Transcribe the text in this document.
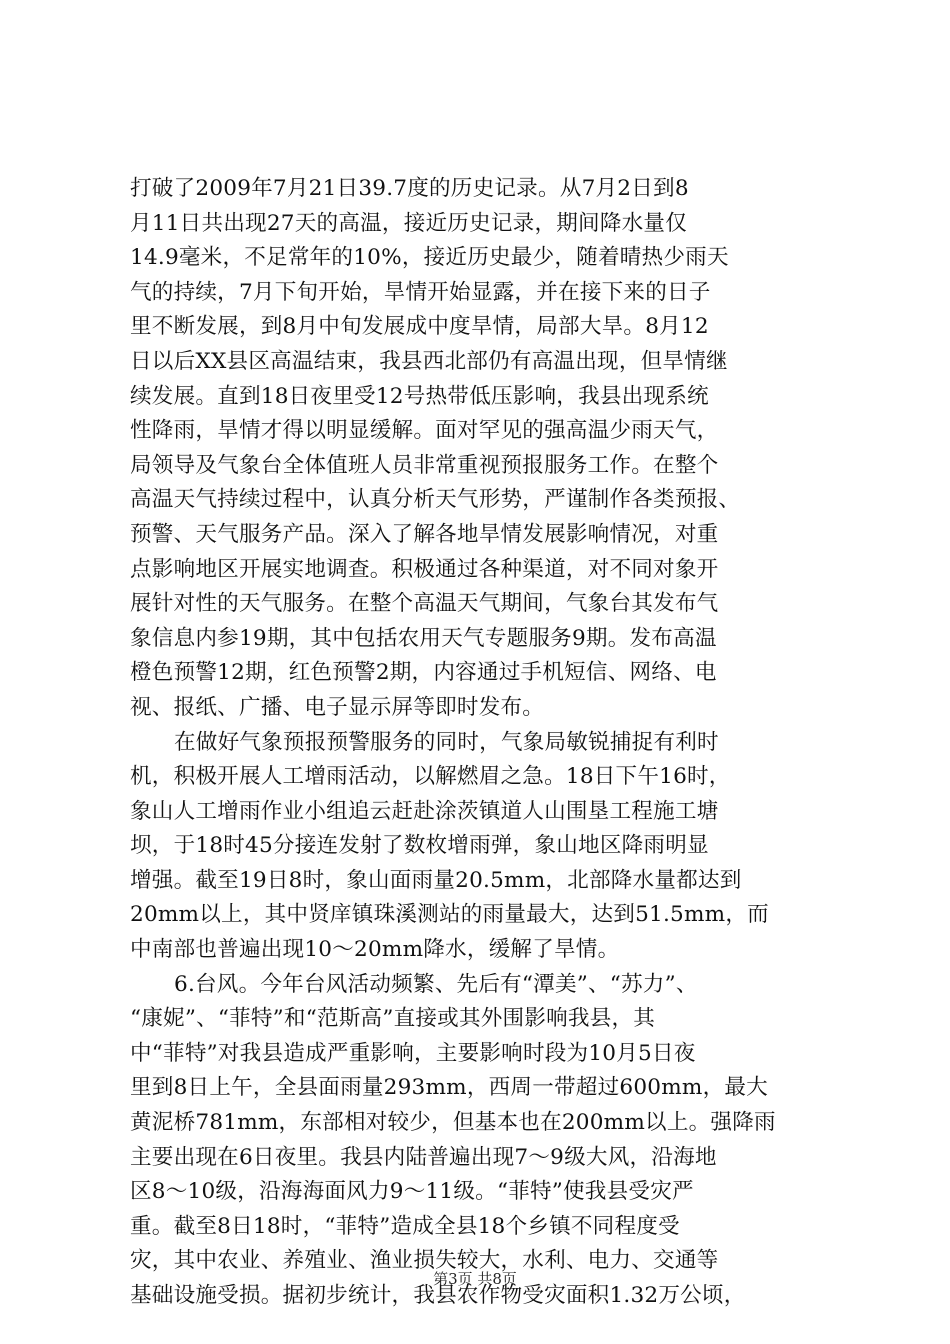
打破了2009年7月21日39.7度的历史记录。从7月2日到8
月11日共出现27天的高温，接近历史记录，期间降水量仅
14.9毫米，不足常年的10%，接近历史最少，随着晴热少雨天
气的持续，7月下旬开始，旱情开始显露，并在接下来的日子
里不断发展，到8月中旬发展成中度旱情，局部大旱。8月12
日以后XX县区高温结束，我县西北部仍有高温出现，但旱情继
续发展。直到18日夜里受12号热带低压影响，我县出现系统
性降雨，旱情才得以明显缓解。面对罕见的强高温少雨天气，
局领导及气象台全体值班人员非常重视预报服务工作。在整个
高温天气持续过程中，认真分析天气形势，严谨制作各类预报、
预警、天气服务产品。深入了解各地旱情发展影响情况，对重
点影响地区开展实地调查。积极通过各种渠道，对不同对象开
展针对性的天气服务。在整个高温天气期间，气象台其发布气
象信息内参19期，其中包括农用天气专题服务9期。发布高温
橙色预警12期，红色预警2期，内容通过手机短信、网络、电
视、报纸、广播、电子显示屏等即时发布。
在做好气象预报预警服务的同时，气象局敏锐捕捉有利时
机，积极开展人工增雨活动，以解燃眉之急。18日下午16时，
象山人工增雨作业小组追云赶赴涂茨镇道人山围垦工程施工塘
坝，于18时45分接连发射了数枚增雨弹，象山地区降雨明显
增强。截至19日8时，象山面雨量20.5mm，北部降水量都达到
20mm以上，其中贤庠镇珠溪测站的雨量最大，达到51.5mm，而
中南部也普遍出现10～20mm降水，缓解了旱情。
6.台风。今年台风活动频繁、先后有“潭美”、“苏力”、
“康妮”、“菲特”和“范斯高”直接或其外围影响我县，其
中“菲特”对我县造成严重影响，主要影响时段为10月5日夜
里到8日上午，全县面雨量293mm，西周一带超过600mm，最大
黄泥桥781mm，东部相对较少，但基本也在200mm以上。强降雨
主要出现在6日夜里。我县内陆普遍出现7～9级大风，沿海地
区8～10级，沿海海面风力9～11级。“菲特”使我县受灾严
重。截至8日18时，“菲特”造成全县18个乡镇不同程度受
灾，其中农业、养殖业、渔业损失较大，水利、电力、交通等
基础设施受损。据初步统计，我县农作物受灾面积1.32万公顷，
第3页 共8页
